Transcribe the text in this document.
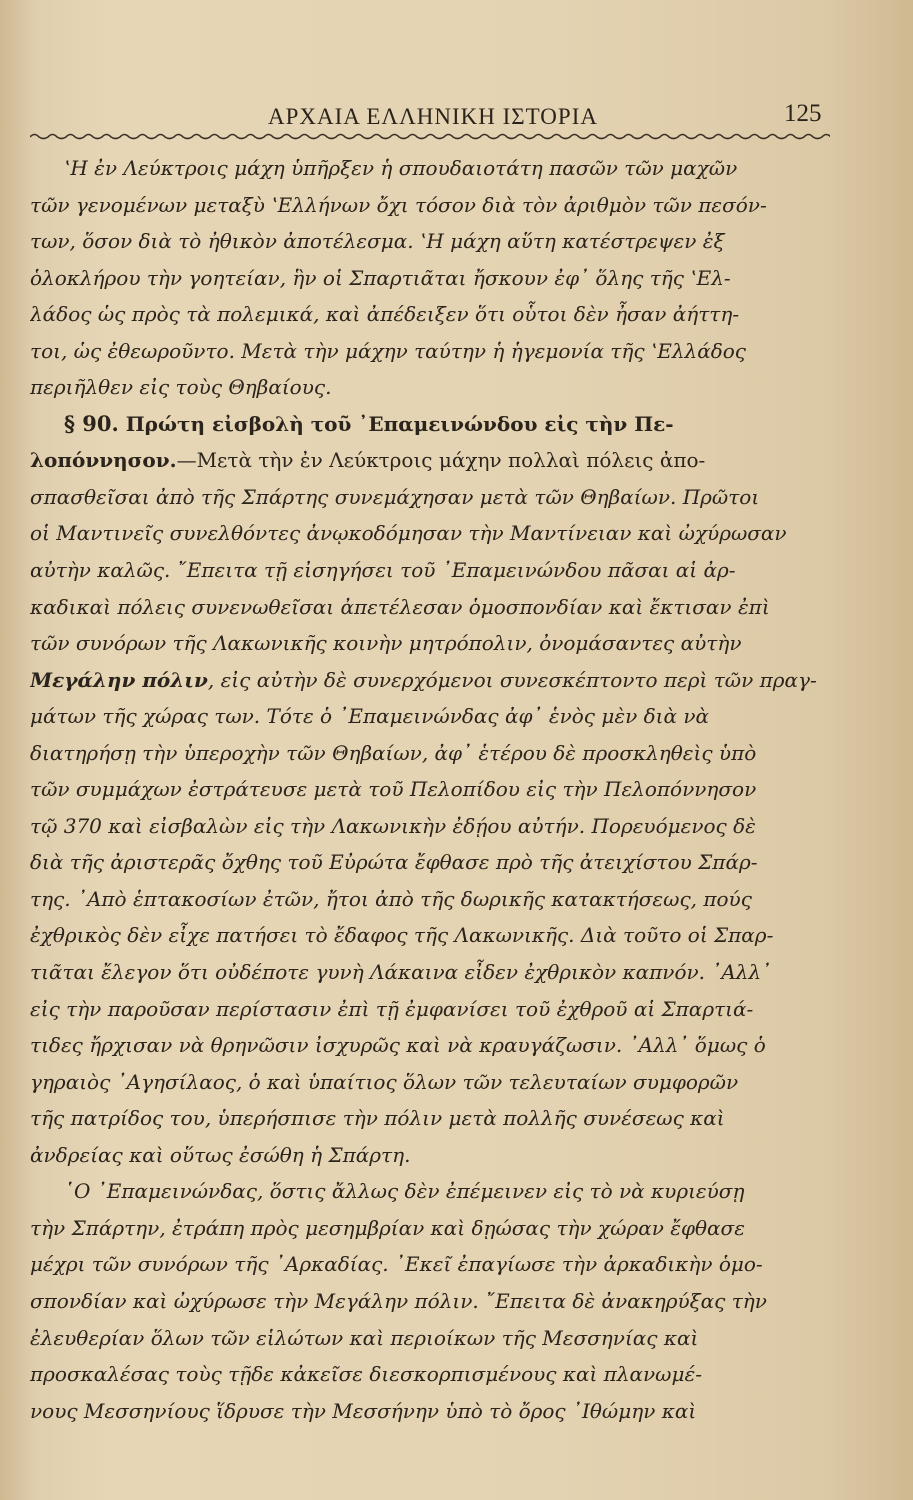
ΑΡΧΑΙΑ ΕΛΛΗΝΙΚΗ ΙΣΤΟΡΙΑ	125
ʽΗ ἐν Λεύκτροις μάχη ὑπῆρξεν ἡ σπουδαιοτάτη πασῶν τῶν μαχῶν
τῶν γενομένων μεταξὺ ʽΕλλήνων ὄχι τόσον διὰ τὸν ἀριθμὸν τῶν πεσόν-
των, ὅσον διὰ τὸ ἠθικὸν ἀποτέλεσμα. ʽΗ μάχη αὕτη κατέστρεψεν ἐξ
ὁλοκλήρου τὴν γοητείαν, ἣν οἱ Σπαρτιᾶται ἤσκουν ἐφ᾽ ὅλης τῆς ʽΕλ-
λάδος ὡς πρὸς τὰ πολεμικά, καὶ ἀπέδειξεν ὅτι οὗτοι δὲν ἦσαν ἀήττη-
τοι, ὡς ἐθεωροῦντο. Μετὰ τὴν μάχην ταύτην ἡ ἡγεμονία τῆς ʽΕλλάδος
περιῆλθεν εἰς τοὺς Θηβαίους.
§ 90. Πρώτη εἰσβολὴ τοῦ ᾿Επαμεινώνδου εἰς τὴν Πε-
λοπόννησον.—Μετὰ τὴν ἐν Λεύκτροις μάχην πολλαὶ πόλεις ἀπο-
σπασθεῖσαι ἀπὸ τῆς Σπάρτης συνεμάχησαν μετὰ τῶν Θηβαίων. Πρῶτοι
οἱ Μαντινεῖς συνελθόντες ἀνῳκοδόμησαν τὴν Μαντίνειαν καὶ ὠχύρωσαν
αὐτὴν καλῶς. ῎Επειτα τῇ εἰσηγήσει τοῦ ᾿Επαμεινώνδου πᾶσαι αἱ ἀρ-
καδικαὶ πόλεις συνενωθεῖσαι ἀπετέλεσαν ὁμοσπονδίαν καὶ ἔκτισαν ἐπὶ
τῶν συνόρων τῆς Λακωνικῆς κοινὴν μητρόπολιν, ὀνομάσαντες αὐτὴν
Μεγάλην πόλιν, εἰς αὐτὴν δὲ συνερχόμενοι συνεσκέπτοντο περὶ τῶν πραγ-
μάτων τῆς χώρας των. Τότε ὁ ᾿Επαμεινώνδας ἀφ᾽ ἑνὸς μὲν διὰ νὰ
διατηρήσῃ τὴν ὑπεροχὴν τῶν Θηβαίων, ἀφ᾽ ἑτέρου δὲ προσκληθεὶς ὑπὸ
τῶν συμμάχων ἐστράτευσε μετὰ τοῦ Πελοπίδου εἰς τὴν Πελοπόννησον
τῷ 370 καὶ εἰσβαλὼν εἰς τὴν Λακωνικὴν ἐδῄου αὐτήν. Πορευόμενος δὲ
διὰ τῆς ἀριστερᾶς ὄχθης τοῦ Εὐρώτα ἔφθασε πρὸ τῆς ἀτειχίστου Σπάρ-
της. ᾿Απὸ ἑπτακοσίων ἐτῶν, ἤτοι ἀπὸ τῆς δωρικῆς κατακτήσεως, πούς
ἐχθρικὸς δὲν εἶχε πατήσει τὸ ἔδαφος τῆς Λακωνικῆς. Διὰ τοῦτο οἱ Σπαρ-
τιᾶται ἔλεγον ὅτι οὐδέποτε γυνὴ Λάκαινα εἶδεν ἐχθρικὸν καπνόν. ᾿Αλλ᾽
εἰς τὴν παροῦσαν περίστασιν ἐπὶ τῇ ἐμφανίσει τοῦ ἐχθροῦ αἱ Σπαρτιά-
τιδες ἤρχισαν νὰ θρηνῶσιν ἰσχυρῶς καὶ νὰ κραυγάζωσιν. ᾿Αλλ᾽ ὅμως ὁ
γηραιὸς ᾿Αγησίλαος, ὁ καὶ ὑπαίτιος ὅλων τῶν τελευταίων συμφορῶν
τῆς πατρίδος του, ὑπερήσπισε τὴν πόλιν μετὰ πολλῆς συνέσεως καὶ
ἀνδρείας καὶ οὕτως ἐσώθη ἡ Σπάρτη.
῾Ο ᾿Επαμεινώνδας, ὅστις ἄλλως δὲν ἐπέμεινεν εἰς τὸ νὰ κυριεύσῃ
τὴν Σπάρτην, ἐτράπη πρὸς μεσημβρίαν καὶ δῃώσας τὴν χώραν ἔφθασε
μέχρι τῶν συνόρων τῆς ᾿Αρκαδίας. ᾿Εκεῖ ἐπαγίωσε τὴν ἀρκαδικὴν ὁμο-
σπονδίαν καὶ ὠχύρωσε τὴν Μεγάλην πόλιν. ῎Επειτα δὲ ἀνακηρύξας τὴν
ἐλευθερίαν ὅλων τῶν εἱλώτων καὶ περιοίκων τῆς Μεσσηνίας καὶ
προσκαλέσας τοὺς τῇδε κἀκεῖσε διεσκορπισμένους καὶ πλανωμέ-
νους Μεσσηνίους ἵδρυσε τὴν Μεσσήνην ὑπὸ τὸ ὄρος ᾿Ιθώμην καὶ
